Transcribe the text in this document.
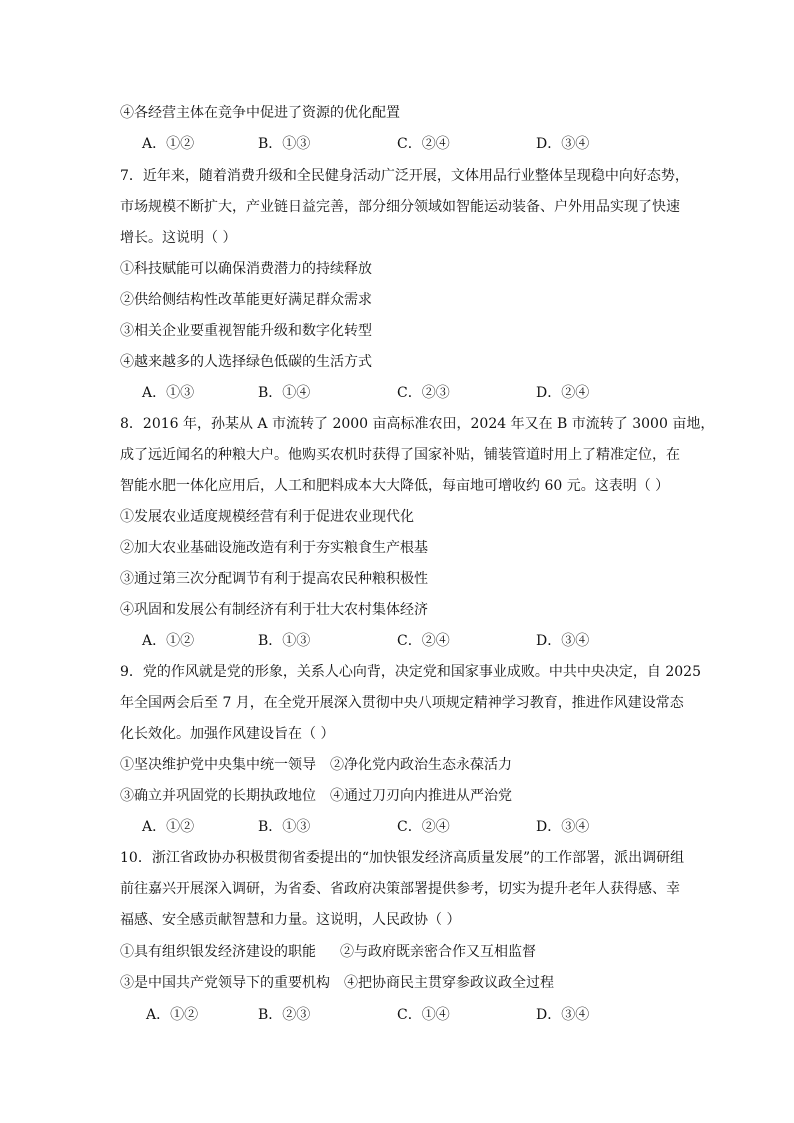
④各经营主体在竞争中促进了资源的优化配置
A．①②	B．①③	C．②④	D．③④
7．近年来，随着消费升级和全民健身活动广泛开展，文体用品行业整体呈现稳中向好态势，
市场规模不断扩大，产业链日益完善，部分细分领域如智能运动装备、户外用品实现了快速
增长。这说明（ ）
①科技赋能可以确保消费潜力的持续释放
②供给侧结构性改革能更好满足群众需求
③相关企业要重视智能升级和数字化转型
④越来越多的人选择绿色低碳的生活方式
A．①③	B．①④	C．②③	D．②④
8．2016 年，孙某从 A 市流转了 2000 亩高标准农田，2024 年又在 B 市流转了 3000 亩地，
成了远近闻名的种粮大户。他购买农机时获得了国家补贴，铺装管道时用上了精准定位，在
智能水肥一体化应用后，人工和肥料成本大大降低，每亩地可增收约 60 元。这表明（ ）
①发展农业适度规模经营有利于促进农业现代化
②加大农业基础设施改造有利于夯实粮食生产根基
③通过第三次分配调节有利于提高农民种粮积极性
④巩固和发展公有制经济有利于壮大农村集体经济
A．①②	B．①③	C．②④	D．③④
9．党的作风就是党的形象，关系人心向背，决定党和国家事业成败。中共中央决定，自 2025
年全国两会后至 7 月，在全党开展深入贯彻中央八项规定精神学习教育，推进作风建设常态
化长效化。加强作风建设旨在（ ）
①坚决维护党中央集中统一领导 ②净化党内政治生态永葆活力
③确立并巩固党的长期执政地位 ④通过刀刃向内推进从严治党
A．①②	B．①③	C．②④	D．③④
10．浙江省政协办积极贯彻省委提出的“加快银发经济高质量发展”的工作部署，派出调研组
前往嘉兴开展深入调研，为省委、省政府决策部署提供参考，切实为提升老年人获得感、幸
福感、安全感贡献智慧和力量。这说明，人民政协（ ）
①具有组织银发经济建设的职能 ②与政府既亲密合作又互相监督
③是中国共产党领导下的重要机构 ④把协商民主贯穿参政议政全过程
A．①②	B．②③	C．①④	D．③④
